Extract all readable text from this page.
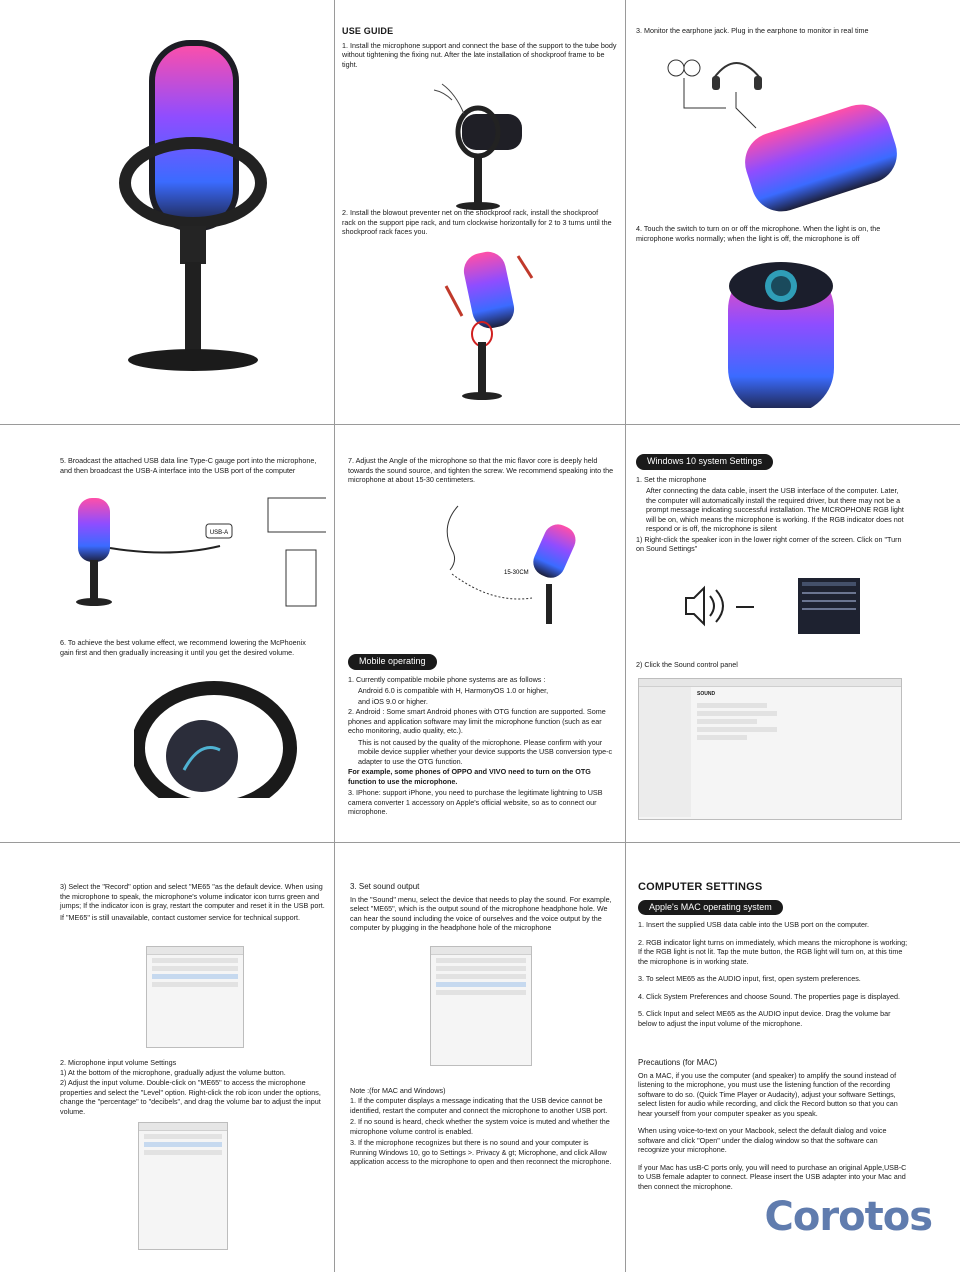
USE GUIDE
1. Install the microphone support and connect the base of the support to the tube body without tightening the fixing nut. After the late installation of shockproof frame to be tight.
2. Install the blowout preventer net on the shockproof rack, install the shockproof rack on the support pipe rack, and turn clockwise horizontally for 2 to 3 turns until the shockproof rack faces you.
3. Monitor the earphone jack. Plug in the earphone to monitor in real time
4. Touch the switch to turn on or off the microphone. When the light is on, the microphone works normally; when the light is off, the microphone is off
5. Broadcast the attached USB data line Type-C gauge port into the microphone, and then broadcast the USB-A interface into the USB port of the computer
USB-A
6. To achieve the best volume effect, we recommend lowering the McPhoenix gain first and then gradually increasing it until you get the desired volume.
7. Adjust the Angle of the microphone so that the mic flavor core is deeply held towards the sound source, and tighten the screw. We recommend speaking into the microphone at about 15-30 centimeters.
15-30CM
Mobile operating
1. Currently compatible mobile phone systems are as follows :
Android 6.0 is compatible with H, HarmonyOS 1.0 or higher,
and iOS 9.0 or higher.
2. Android : Some smart Android phones with OTG function are supported. Some phones and application software may limit the microphone function (such as ear echo monitoring, audio quality, etc.).
This is not caused by the quality of the microphone. Please confirm with your mobile device supplier whether your device supports the USB conversion type-c adapter to use the OTG function.
For example, some phones of OPPO and VIVO need to turn on the OTG function to use the microphone.
3. IPhone: support iPhone, you need to purchase the legitimate lightning to USB camera converter 1 accessory on Apple's official website, so as to connect our microphone.
Windows 10 system Settings
1. Set the microphone
After connecting the data cable, insert the USB interface of the computer. Later, the computer will automatically install the required driver, but there may not be a prompt message indicating successful installation. The MICROPHONE RGB light will be on, which means the microphone is working. If the RGB indicator does not respond or is off, the microphone is silent
1) Right-click the speaker icon in the lower right corner of the screen. Click on "Turn on Sound Settings"
2) Click the Sound control panel
SOUND
3) Select the "Record" option and select "ME65 "as the default device. When using the microphone to speak, the microphone's volume indicator icon turns green and jumps; If the indicator icon is gray, restart the computer and reset it in the USB port.
If "ME65" is still unavailable, contact customer service for technical support.
2. Microphone input volume Settings
1) At the bottom of the microphone, gradually adjust the volume button.
2) Adjust the input volume. Double-click on "ME65" to access the microphone properties and select the "Level" option. Right-click the rob icon under the options, change the "percentage" to "decibels", and drag the volume bar to adjust the input volume.
3. Set sound output
In the "Sound" menu, select the device that needs to play the sound. For example, select "ME65", which is the output sound of the microphone headphone hole. We can hear the sound including the voice of ourselves and the voice output by the computer by plugging in the headphone hole of the microphone
Note :(for MAC and Windows)
1. If the computer displays a message indicating that the USB device cannot be identified, restart the computer and connect the microphone to another USB port.
2. If no sound is heard, check whether the system voice is muted and whether the microphone volume control is enabled.
3. If the microphone recognizes but there is no sound and your computer is Running Windows 10, go to Settings >. Privacy & gt; Microphone, and click Allow application access to the microphone to open and then reconnect the microphone.
COMPUTER SETTINGS
Apple's MAC operating system
1. Insert the supplied USB data cable into the USB port on the computer.
2. RGB indicator light turns on immediately, which means the microphone is working; If the RGB light is not lit. Tap the mute button, the RGB light will turn on, at this time the microphone is in working state.
3. To select ME65 as the AUDIO input, first, open system preferences.
4. Click System Preferences and choose Sound. The properties page is displayed.
5. Click Input and select ME65 as the AUDIO input device. Drag the volume bar below to adjust the input volume of the microphone.
Precautions (for MAC)
On a MAC, if you use the computer (and speaker) to amplify the sound instead of listening to the microphone, you must use the listening function of the recording software to do so. (Quick Time Player or Audacity), adjust your software Settings, select listen for audio while recording, and click the Record button so that you can hear yourself from your computer speaker as you speak.
When using voice-to-text on your Macbook, select the default dialog and voice software and click "Open" under the dialog window so that the software can recognize your microphone.
If your Mac has usB-C ports only, you will need to purchase an original Apple,USB-C to USB female adapter to connect. Please insert the USB adapter into your Mac and then connect the microphone.
Corotos
